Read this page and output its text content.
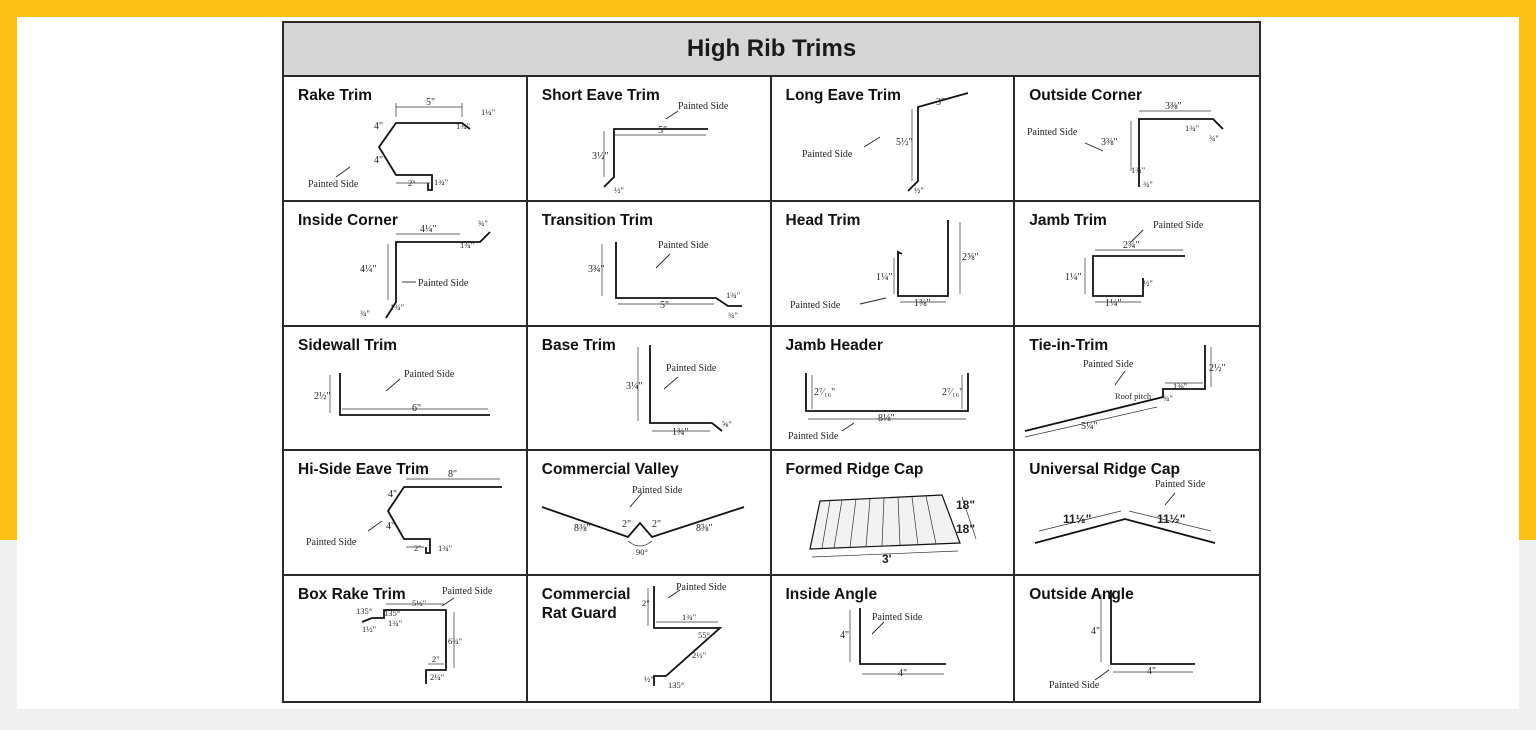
High Rib Trims
Rake Trim	5"
1¼"
1¾"
4"
4"
2" 1¾"
Painted Side
Short Eave Trim
5"
3½"
½"
Painted Side
Long Eave Trim	3"
5½"
½"
Painted Side
Outside Corner
3⅜"
3⅜"
1¾"
¾"
1¾"
¾"
Painted Side
Inside Corner
4¼"
4¼"
¾"
1¾"
¾"
1¾"
Painted Side
Transition Trim
3¾"
5"
1¾"
¾"
Painted Side
Head Trim
1¼"
2⅝"
1⅜"
Painted Side
Jamb Trim
2¾"
1¼"
1¼"
½"
Painted Side
Sidewall Trim
2½"
6"
Painted Side
Base Trim
3¼"
1¾"
⅝"
Painted Side
Jamb Header
2⁷⁄₁₆"	2⁷⁄₁₆"
8⅛"
Painted Side
Tie-in-Trim
2½"
1⅜"
Roof pitch ¾"
5¼"
Painted Side
Hi-Side Eave Trim 8"
4"
4"
2" 1¾"
Painted Side
Commercial Valley
8⅜"	8⅜"
2" 2"
90°
Painted Side
Formed Ridge Cap
18"
18"
3'
Universal Ridge Cap
11½"	11½"
Painted Side
Box Rake Trim
135° 135°
5½"
1¾"
1½"
6¾"
2"
2¼"
Painted Side	Commercial
Rat Guard
2"
1¾"
55°
2½"
½"
135°
Painted Side	Inside Angle
4"
4"
Painted Side
Outside Angle
4"
4"
Painted Side
